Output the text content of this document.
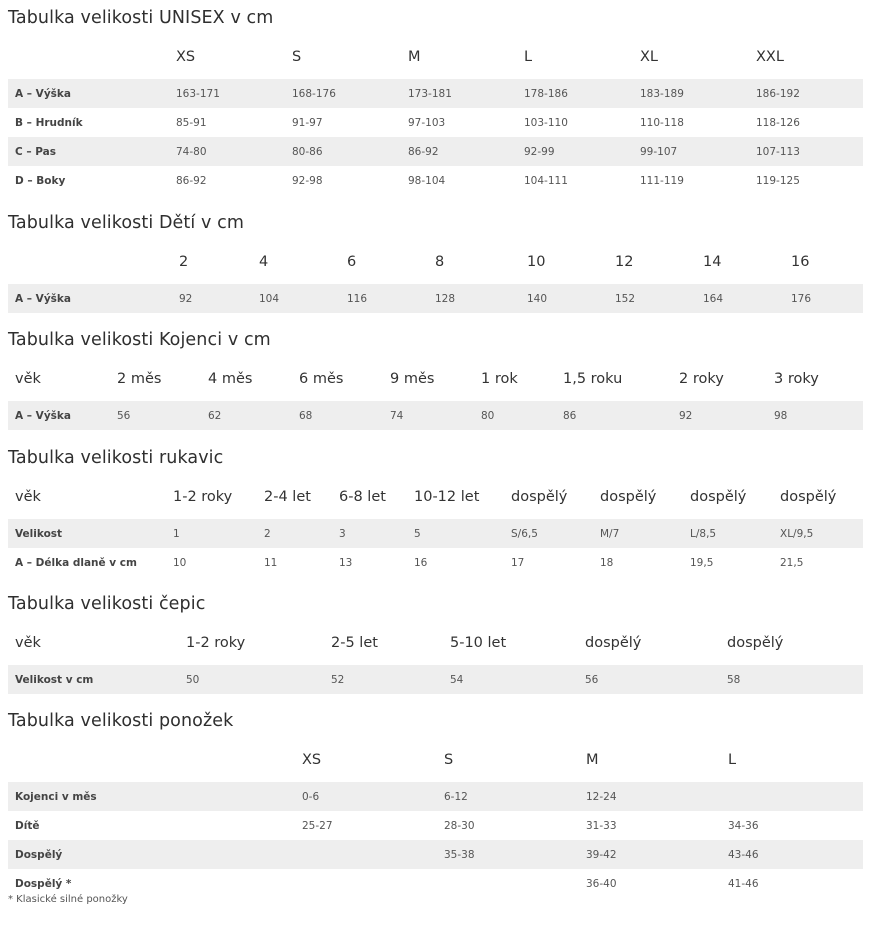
Tabulka velikosti UNISEX v cm
	XS	S	M	L	XL	XXL
A – Výška	163-171	168-176	173-181	178-186	183-189	186-192
B – Hrudník	85-91	91-97	97-103	103-110	110-118	118-126
C – Pas	74-80	80-86	86-92	92-99	99-107	107-113
D – Boky	86-92	92-98	98-104	104-111	111-119	119-125
Tabulka velikosti Dětí v cm
	2	4	6	8	10	12	14	16
A – Výška	92	104	116	128	140	152	164	176
Tabulka velikosti Kojenci v cm
věk	2 měs	4 měs	6 měs	9 měs	1 rok	1,5 roku	2 roky	3 roky
A – Výška	56	62	68	74	80	86	92	98
Tabulka velikosti rukavic
věk	1-2 roky	2-4 let	6-8 let	10-12 let	dospělý	dospělý	dospělý	dospělý
Velikost	1	2	3	5	S/6,5	M/7	L/8,5	XL/9,5
A – Délka dlaně v cm	10	11	13	16	17	18	19,5	21,5
Tabulka velikosti čepic
věk	1-2 roky	2-5 let	5-10 let	dospělý	dospělý
Velikost v cm	50	52	54	56	58
Tabulka velikosti ponožek
	XS	S	M	L
Kojenci v měs	0-6	6-12	12-24	
Dítě	25-27	28-30	31-33	34-36
Dospělý		35-38	39-42	43-46
Dospělý *			36-40	41-46

* Klasické silné ponožky
